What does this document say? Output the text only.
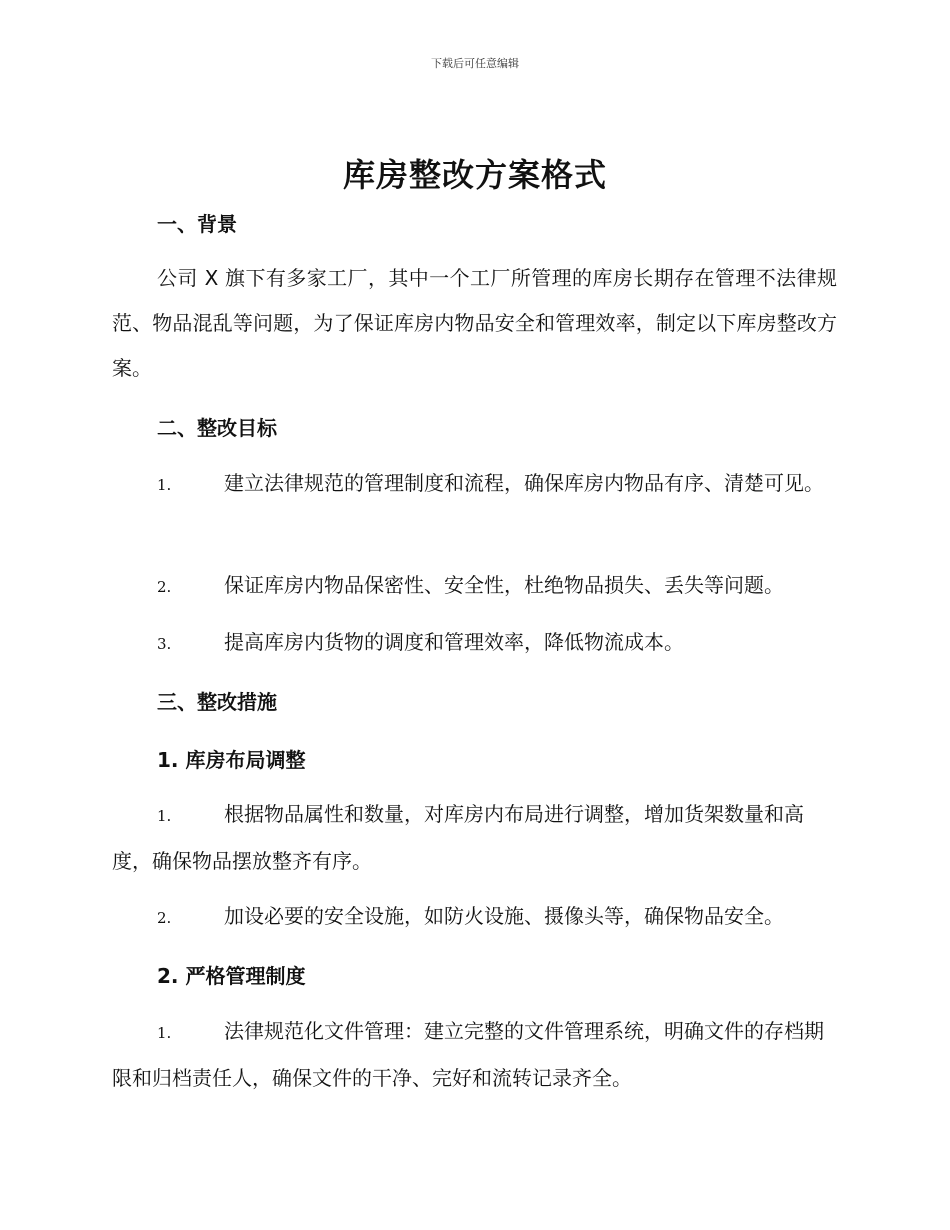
下载后可任意编辑
库房整改方案格式
一、背景
公司 X 旗下有多家工厂，其中一个工厂所管理的库房长期存在管理不法律规范、物品混乱等问题，为了保证库房内物品安全和管理效率，制定以下库房整改方案。
二、整改目标
1.	建立法律规范的管理制度和流程，确保库房内物品有序、清楚可见。
2.	保证库房内物品保密性、安全性，杜绝物品损失、丢失等问题。
3.	提高库房内货物的调度和管理效率，降低物流成本。
三、整改措施
1. 库房布局调整
1.	根据物品属性和数量，对库房内布局进行调整，增加货架数量和高度，确保物品摆放整齐有序。
2.	加设必要的安全设施，如防火设施、摄像头等，确保物品安全。
2. 严格管理制度
1.	法律规范化文件管理：建立完整的文件管理系统，明确文件的存档期限和归档责任人，确保文件的干净、完好和流转记录齐全。
